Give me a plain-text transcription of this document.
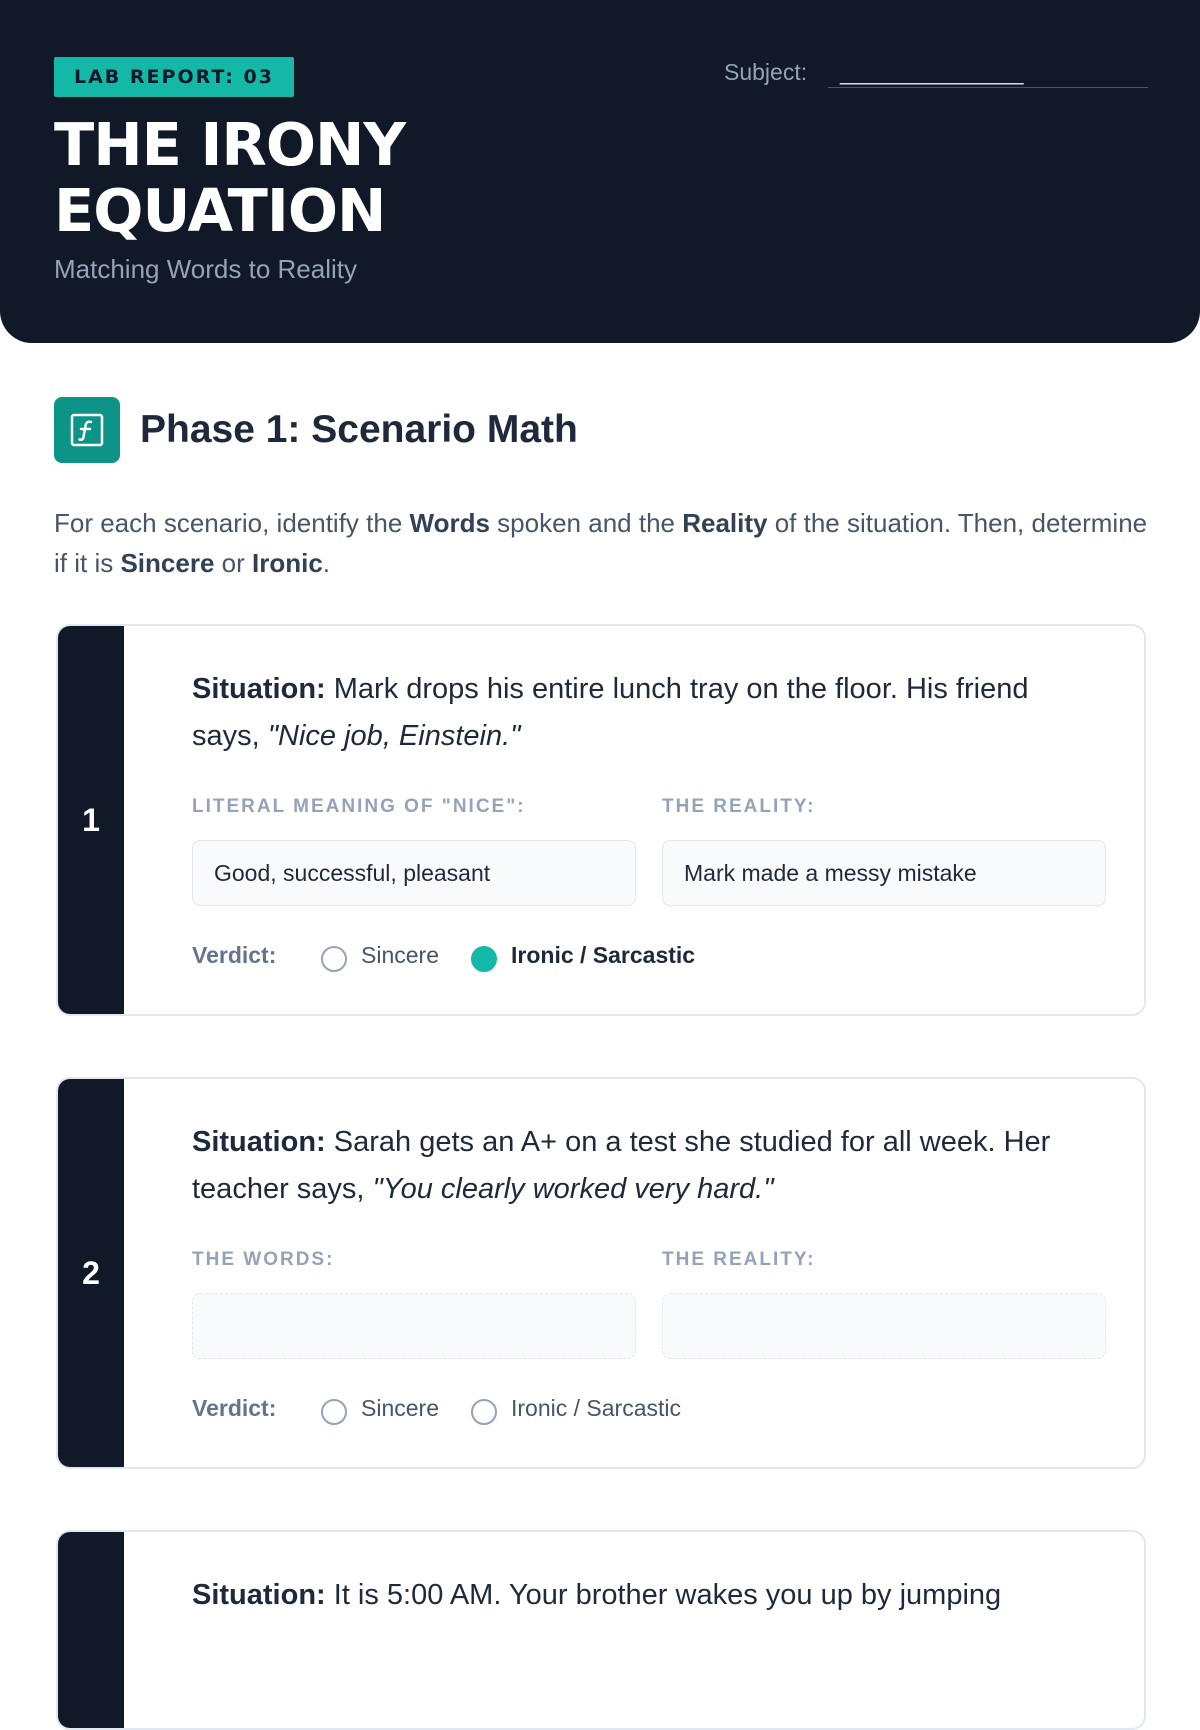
LAB REPORT: 03
THE IRONY
EQUATION
Matching Words to Reality
Subject:	_______________
Phase 1: Scenario Math

For each scenario, identify the Words spoken and the Reality of the situation. Then, determine if it is Sincere or Ironic.

1

Situation: Mark drops his entire lunch tray on the floor. His friend says, "Nice job, Einstein."

LITERAL MEANING OF "NICE":	THE REALITY:
Good, successful, pleasant	Mark made a messy mistake
Verdict:	Sincere	Ironic / Sarcastic
2

Situation: Sarah gets an A+ on a test she studied for all week. Her teacher says, "You clearly worked very hard."

THE WORDS:	THE REALITY:
Verdict:	Sincere	Ironic / Sarcastic

Situation: It is 5:00 AM. Your brother wakes you up by jumping
